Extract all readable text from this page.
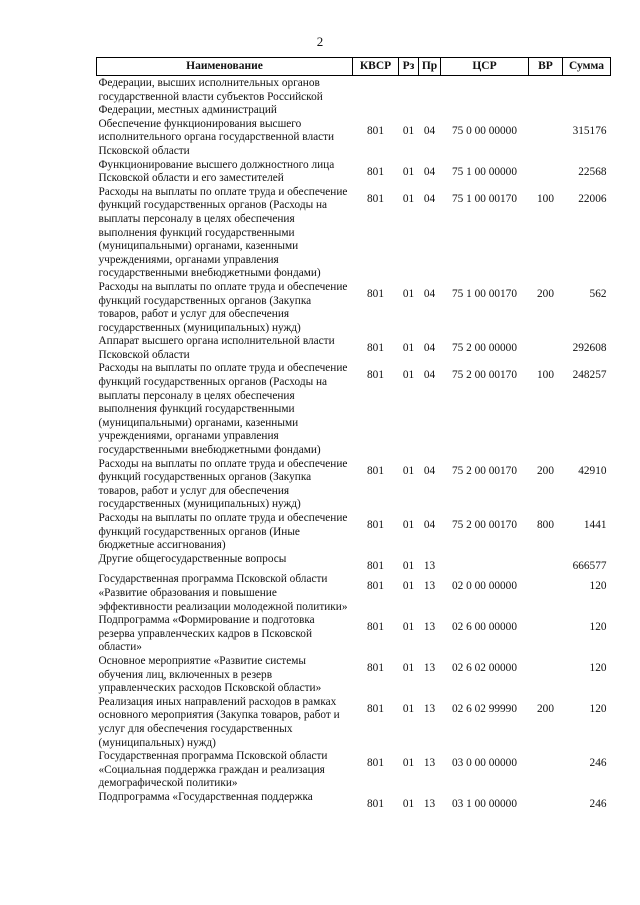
2
Наименование	КВСР	Рз	Пр	ЦСР	ВР	Сумма
Федерации, высших исполнительных органов государственной власти субъектов Российской Федерации, местных администраций						
Обеспечение функционирования высшего исполнительного органа государственной власти Псковской области	801	01	04	75 0 00 00000		315176
Функционирование высшего должностного лица Псковской области и его заместителей	801	01	04	75 1 00 00000		22568
Расходы на выплаты по оплате труда и обеспечение функций государственных органов (Расходы на выплаты персоналу в целях обеспечения выполнения функций государственными (муниципальными) органами, казенными учреждениями, органами управления государственными внебюджетными фондами)	801	01	04	75 1 00 00170	100	22006
Расходы на выплаты по оплате труда и обеспечение функций государственных органов (Закупка товаров, работ и услуг для обеспечения государственных (муниципальных) нужд)	801	01	04	75 1 00 00170	200	562
Аппарат высшего органа исполнительной власти Псковской области	801	01	04	75 2 00 00000		292608
Расходы на выплаты по оплате труда и обеспечение функций государственных органов (Расходы на выплаты персоналу в целях обеспечения выполнения функций государственными (муниципальными) органами, казенными учреждениями, органами управления государственными внебюджетными фондами)	801	01	04	75 2 00 00170	100	248257
Расходы на выплаты по оплате труда и обеспечение функций государственных органов (Закупка товаров, работ и услуг для обеспечения государственных (муниципальных) нужд)	801	01	04	75 2 00 00170	200	42910
Расходы на выплаты по оплате труда и обеспечение функций государственных органов (Иные бюджетные ассигнования)	801	01	04	75 2 00 00170	800	1441
Другие общегосударственные вопросы	801	01	13			666577
Государственная программа Псковской области «Развитие образования и повышение эффективности реализации молодежной политики»	801	01	13	02 0 00 00000		120
Подпрограмма «Формирование и подготовка резерва управленческих кадров в Псковской области»	801	01	13	02 6 00 00000		120
Основное мероприятие «Развитие системы обучения лиц, включенных в резерв управленческих расходов Псковской области»	801	01	13	02 6 02 00000		120
Реализация иных направлений расходов в рамках основного мероприятия (Закупка товаров, работ и услуг для обеспечения государственных (муниципальных) нужд)	801	01	13	02 6 02 99990	200	120
Государственная программа Псковской области «Социальная поддержка граждан и реализация демографической политики»	801	01	13	03 0 00 00000		246
Подпрограмма «Государственная поддержка	801	01	13	03 1 00 00000		246
